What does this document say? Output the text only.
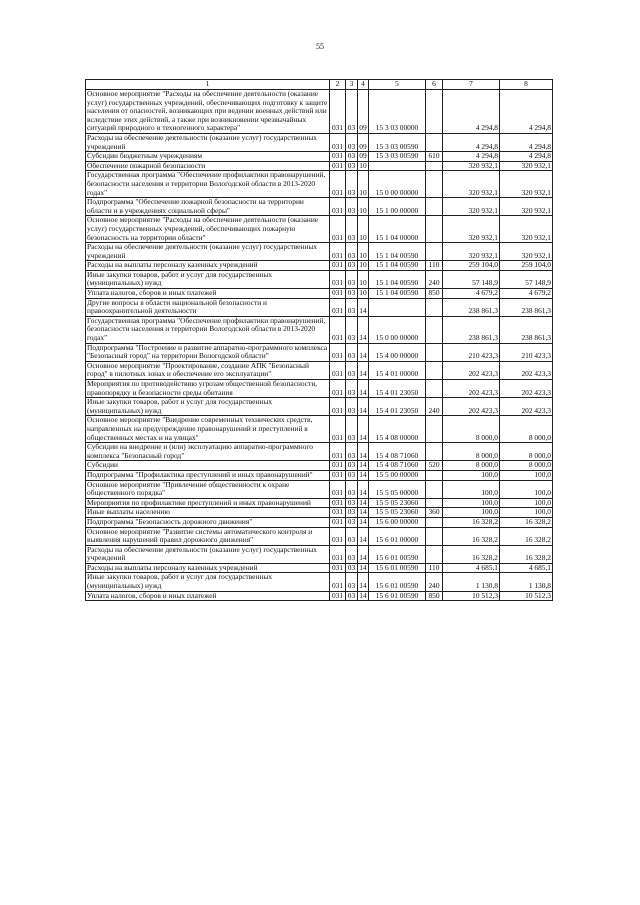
55
1	2	3	4	5	6	7	8
Основное мероприятие "Расходы на обеспечение деятельности (оказание услуг) государственных учреждений, обеспечивающих подготовку к защите населения от опасностей, возникающих при ведении военных действий или вследствие этих действий, а также при возникновении чрезвычайных ситуаций природного и техногенного характера"	031	03	09	15 3 03 00000		4 294,8	4 294,8
Расходы на обеспечение деятельности (оказание услуг) государственных учреждений	031	03	09	15 3 03 00590		4 294,8	4 294,8
Субсидии бюджетным учреждениям	031	03	09	15 3 03 00590	610	4 294,8	4 294,8
Обеспечение пожарной безопасности	031	03	10			320 932,1	320 932,1
Государственная программа "Обеспечение профилактики правонарушений, безопасности населения и территории Вологодской области в 2013-2020 годах"	031	03	10	15 0 00 00000		320 932,1	320 932,1
Подпрограмма "Обеспечение пожарной безопасности на территории области и в учреждениях социальной сферы"	031	03	10	15 1 00 00000		320 932,1	320 932,1
Основное мероприятие "Расходы на обеспечение деятельности (оказание услуг) государственных учреждений, обеспечивающих пожарную безопасность на территории области"	031	03	10	15 1 04 00000		320 932,1	320 932,1
Расходы на обеспечение деятельности (оказание услуг) государственных учреждений	031	03	10	15 1 04 00590		320 932,1	320 932,1
Расходы на выплаты персоналу казенных учреждений	031	03	10	15 1 04 00590	110	259 104,0	259 104,0
Иные закупки товаров, работ и услуг для государственных (муниципальных) нужд	031	03	10	15 1 04 00590	240	57 148,9	57 148,9
Уплата налогов, сборов и иных платежей	031	03	10	15 1 04 00590	850	4 679,2	4 679,2
Другие вопросы в области национальной безопасности и правоохранительной деятельности	031	03	14			238 861,3	238 861,3
Государственная программа "Обеспечение профилактики правонарушений, безопасности населения и территории Вологодской области в 2013-2020 годах"	031	03	14	15 0 00 00000		238 861,3	238 861,3
Подпрограмма "Построение и развитие аппаратно-программного комплекса "Безопасный город" на территории Вологодской области"	031	03	14	15 4 00 00000		210 423,3	210 423,3
Основное мероприятие "Проектирование, создание АПК "Безопасный город" в пилотных зонах и обеспечение его эксплуатации"	031	03	14	15 4 01 00000		202 423,3	202 423,3
Мероприятия по противодействию угрозам общественной безопасности, правопорядку и безопасности среды обитания	031	03	14	15 4 01 23050		202 423,3	202 423,3
Иные закупки товаров, работ и услуг для государственных (муниципальных) нужд	031	03	14	15 4 01 23050	240	202 423,3	202 423,3
Основное мероприятие "Внедрение современных технических средств, направленных на предупреждение правонарушений и преступлений в общественных местах и на улицах"	031	03	14	15 4 08 00000		8 000,0	8 000,0
Субсидии на внедрение и (или) эксплуатацию аппаратно-программного комплекса "Безопасный город"	031	03	14	15 4 08 71060		8 000,0	8 000,0
Субсидии	031	03	14	15 4 08 71060	520	8 000,0	8 000,0
Подпрограмма "Профилактика преступлений и иных правонарушений"	031	03	14	15 5 00 00000		100,0	100,0
Основное мероприятие "Привлечение общественности к охране общественного порядка"	031	03	14	15 5 05 00000		100,0	100,0
Мероприятия по профилактике преступлений и иных правонарушений	031	03	14	15 5 05 23060		100,0	100,0
Иные выплаты населению	031	03	14	15 5 05 23060	360	100,0	100,0
Подпрограмма "Безопасность дорожного движения"	031	03	14	15 6 00 00000		16 328,2	16 328,2
Основное мероприятие "Развитие системы автоматического контроля и выявления нарушений правил дорожного движения"	031	03	14	15 6 01 00000		16 328,2	16 328,2
Расходы на обеспечение деятельности (оказание услуг) государственных учреждений	031	03	14	15 6 01 00590		16 328,2	16 328,2
Расходы на выплаты персоналу казенных учреждений	031	03	14	15 6 01 00590	110	4 685,1	4 685,1
Иные закупки товаров, работ и услуг для государственных (муниципальных) нужд	031	03	14	15 6 01 00590	240	1 130,8	1 130,8
Уплата налогов, сборов и иных платежей	031	03	14	15 6 01 00590	850	10 512,3	10 512,3
